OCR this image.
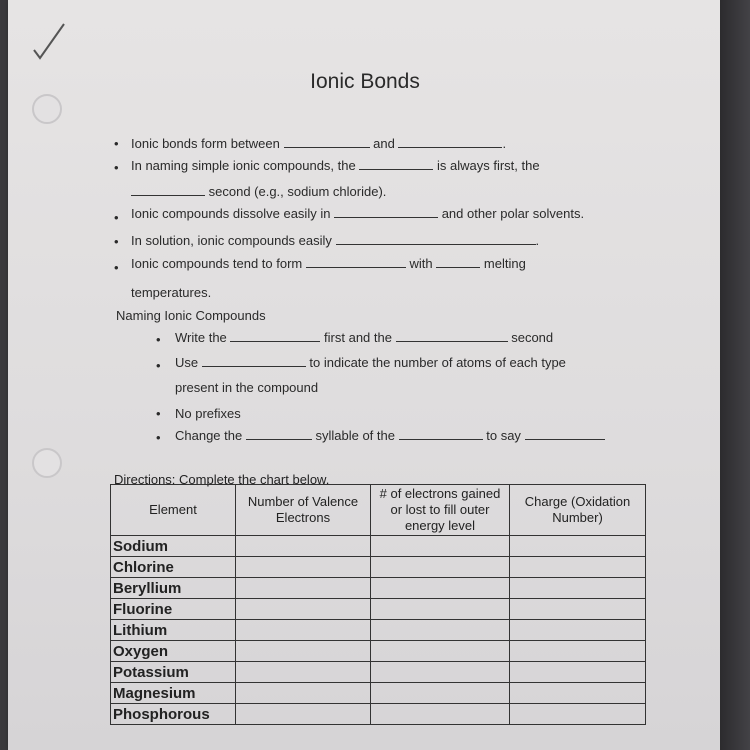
Ionic Bonds
• Ionic bonds form between	and	.
• In naming simple ionic compounds, the	is always first, the
second (e.g., sodium chloride).
• Ionic compounds dissolve easily in	and other polar solvents.
• In solution, ionic compounds easily	.
• Ionic compounds tend to form	with	melting
temperatures.
Naming Ionic Compounds
• Write the	first and the	second
• Use	to indicate the number of atoms of each type
present in the compound
• No prefixes
• Change the	syllable of the	to say
Directions: Complete the chart below.
Element	Number of Valence Electrons	# of electrons gained or lost to fill outer energy level	Charge (Oxidation Number)
Sodium			
Chlorine			
Beryllium			
Fluorine			
Lithium			
Oxygen			
Potassium			
Magnesium			
Phosphorous			
